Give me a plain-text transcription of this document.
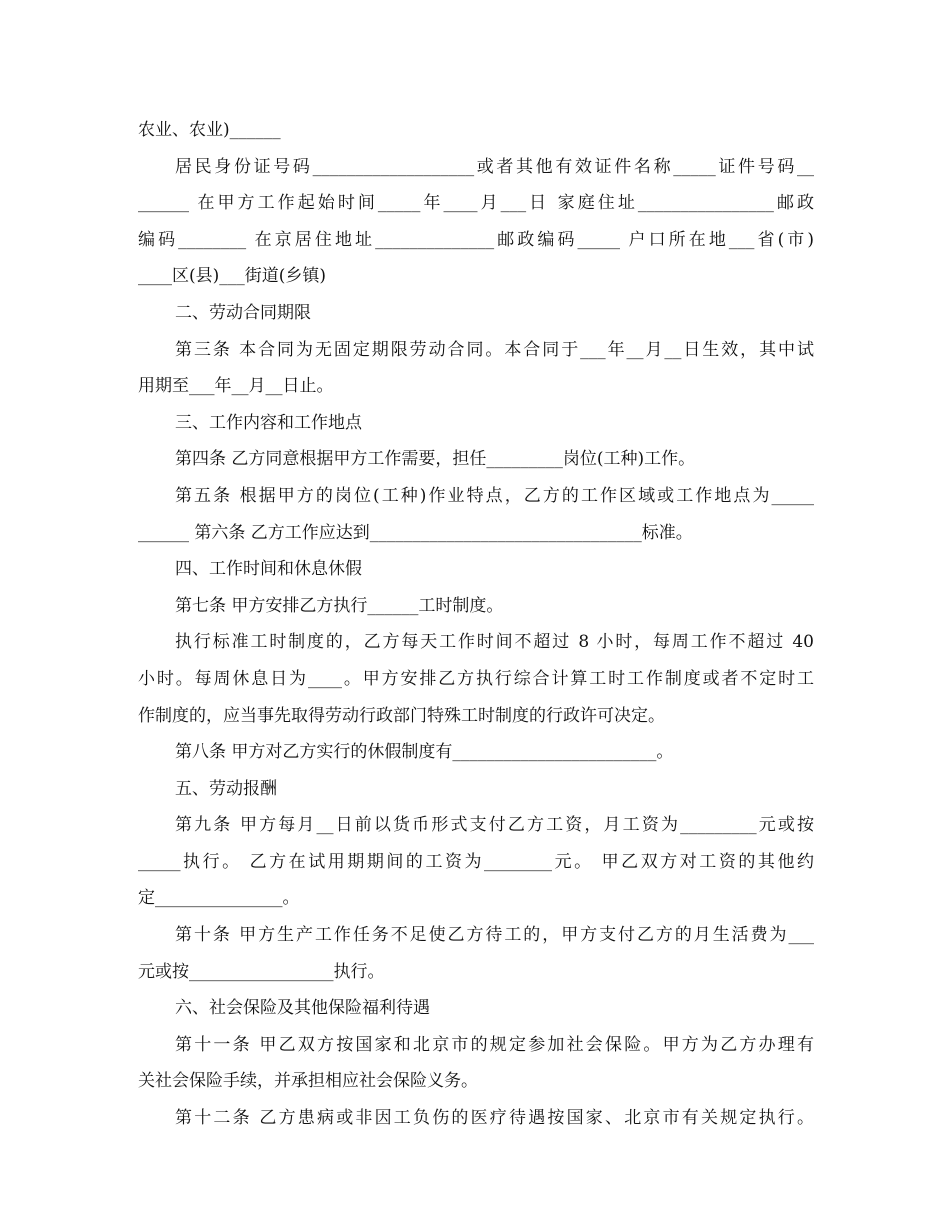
农业、农业)______
居民身份证号码___________________或者其他有效证件名称_____证件号码__
______ 在甲方工作起始时间_____年____月___日 家庭住址________________邮政
编码________ 在京居住地址______________邮政编码_____ 户口所在地___省(市)
____区(县)___街道(乡镇)
二、劳动合同期限
第三条 本合同为无固定期限劳动合同。本合同于___年__月__日生效，其中试
用期至___年__月__日止。
三、工作内容和工作地点
第四条 乙方同意根据甲方工作需要，担任_________岗位(工种)工作。
第五条 根据甲方的岗位(工种)作业特点，乙方的工作区域或工作地点为_____
______ 第六条 乙方工作应达到________________________________标准。
四、工作时间和休息休假
第七条 甲方安排乙方执行______工时制度。
执行标准工时制度的，乙方每天工作时间不超过 8 小时，每周工作不超过 40
小时。每周休息日为____。甲方安排乙方执行综合计算工时工作制度或者不定时工
作制度的，应当事先取得劳动行政部门特殊工时制度的行政许可决定。
第八条 甲方对乙方实行的休假制度有________________________。
五、劳动报酬
第九条 甲方每月__日前以货币形式支付乙方工资，月工资为_________元或按
_____执行。 乙方在试用期期间的工资为________元。 甲乙双方对工资的其他约
定_______________。
第十条 甲方生产工作任务不足使乙方待工的，甲方支付乙方的月生活费为___
元或按_________________执行。
六、社会保险及其他保险福利待遇
第十一条 甲乙双方按国家和北京市的规定参加社会保险。甲方为乙方办理有
关社会保险手续，并承担相应社会保险义务。
第十二条 乙方患病或非因工负伤的医疗待遇按国家、北京市有关规定执行。
